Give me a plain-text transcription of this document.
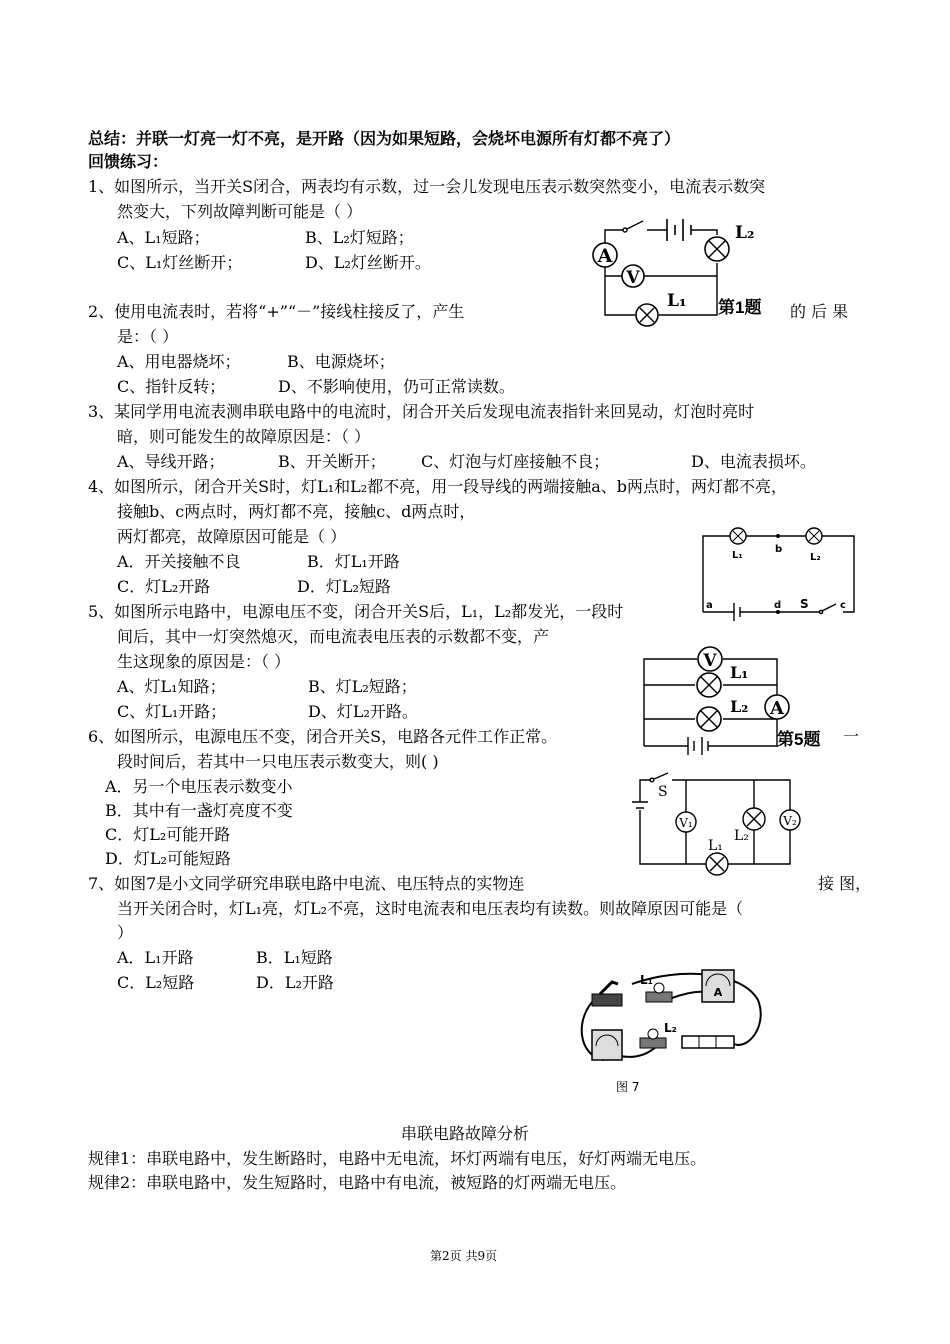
总结：并联一灯亮一灯不亮，是开路（因为如果短路，会烧坏电源所有灯都不亮了）
回馈练习：
1、如图所示，当开关S闭合，两表均有示数，过一会儿发现电压表示数突然变小，电流表示数突
然变大，下列故障判断可能是（ ）
A、L₁短路；	B、L₂灯短路；
C、L₁灯丝断开；	D、L₂灯丝断开。	A
V
L₂
L₁ 第1题
2、使用电流表时，若将“+”“－”接线柱接反了，产生	的 后 果
是：（ ）
A、用电器烧坏；	B、电源烧坏；
C、指针反转；	D、不影响使用，仍可正常读数。
3、某同学用电流表测串联电路中的电流时，闭合开关后发现电流表指针来回晃动，灯泡时亮时
暗，则可能发生的故障原因是：（ ）
A、导线开路；	B、开关断开； C、灯泡与灯座接触不良；	D、电流表损坏。
4、如图所示，闭合开关S时，灯L₁和L₂都不亮，用一段导线的两端接触a、b两点时，两灯都不亮，
接触b、c两点时，两灯都不亮，接触c、d两点时，
两灯都亮，故障原因可能是（ ）
A．开关接触不良	B．灯L₁开路
C．灯L₂开路	D．灯L₂短路
L₁	L₂
b
a	d S	c
5、如图所示电路中，电源电压不变，闭合开关S后，L₁，L₂都发光，一段时
间后，其中一灯突然熄灭，而电流表电压表的示数都不变，产
生这现象的原因是：（ ）
A、灯L₁知路；	B、灯L₂短路；
C、灯L₁开路；	D、灯L₂开路。
V
A
L₁
L₂
第5题
6、如图所示，电源电压不变，闭合开关S，电路各元件工作正常。	一
段时间后，若其中一只电压表示数变大，则( )
A．另一个电压表示数变小
B．其中有一盏灯亮度不变
C．灯L₂可能开路
D．灯L₂可能短路
V₁	V₂
S
L₂
L₁
7、如图7是小文同学研究串联电路中电流、电压特点的实物连	接 图，
当开关闭合时，灯L₁亮，灯L₂不亮，这时电流表和电压表均有读数。则故障原因可能是（
）
A．L₁开路	B．L₁短路
C．L₂短路	D．L₂开路
A
L₁
L₂
图 7
串联电路故障分析
规律1：串联电路中，发生断路时，电路中无电流，坏灯两端有电压，好灯两端无电压。
规律2：串联电路中，发生短路时，电路中有电流，被短路的灯两端无电压。
第2页 共9页
